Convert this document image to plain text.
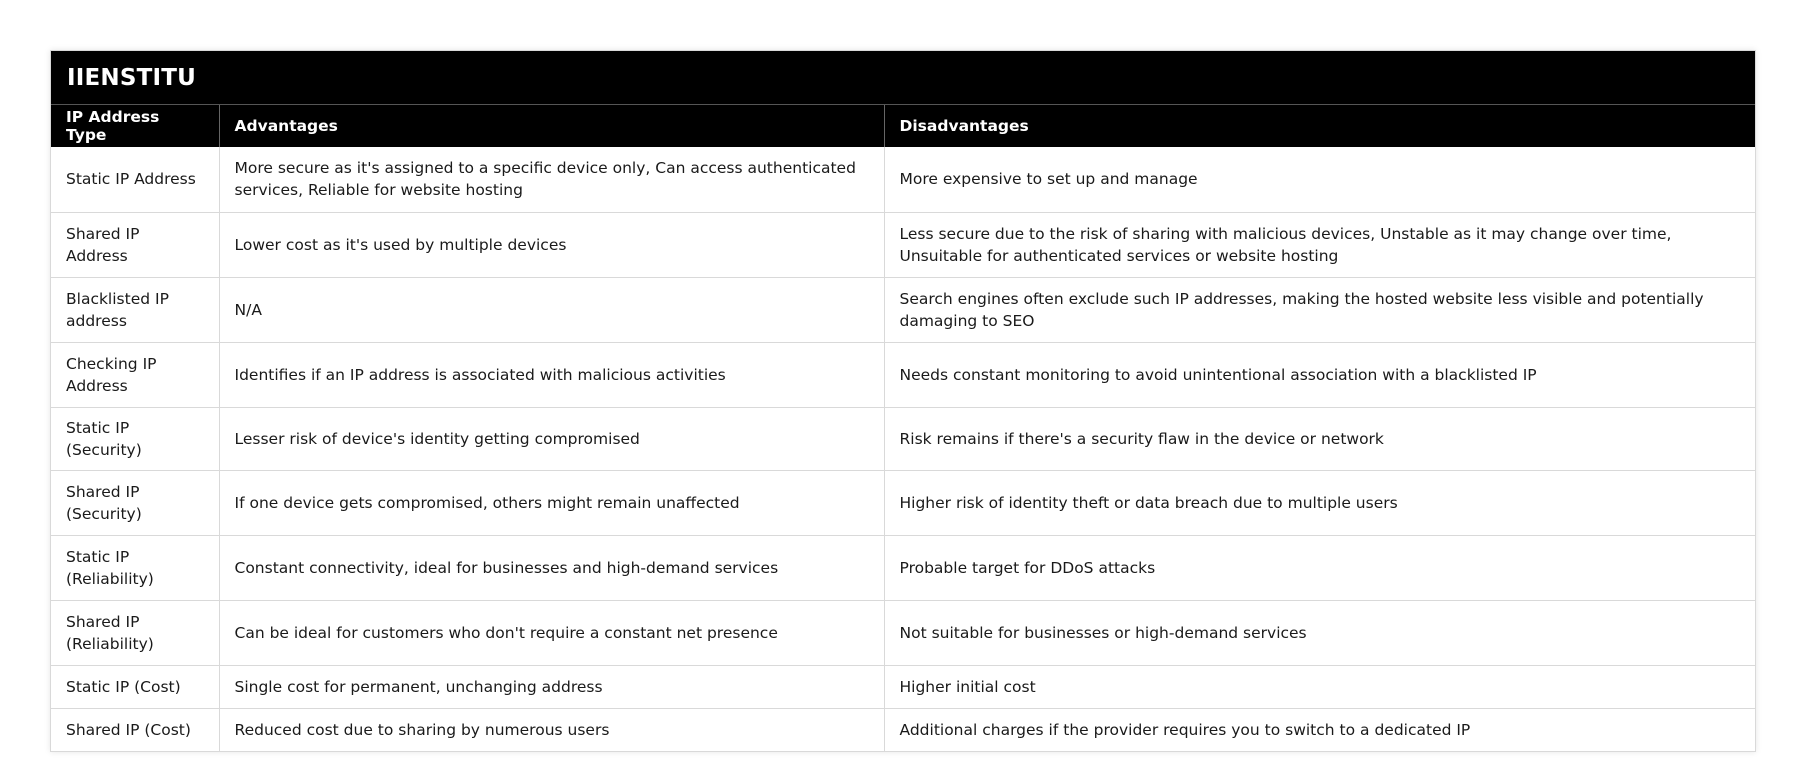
IIENSTITU
IP Address Type	Advantages	Disadvantages
Static IP Address	More secure as it's assigned to a specific device only, Can access authenticated services, Reliable for website hosting	More expensive to set up and manage
Shared IP Address	Lower cost as it's used by multiple devices	Less secure due to the risk of sharing with malicious devices, Unstable as it may change over time, Unsuitable for authenticated services or website hosting
Blacklisted IP address	N/A	Search engines often exclude such IP addresses, making the hosted website less visible and potentially damaging to SEO
Checking IP Address	Identifies if an IP address is associated with malicious activities	Needs constant monitoring to avoid unintentional association with a blacklisted IP
Static IP (Security)	Lesser risk of device's identity getting compromised	Risk remains if there's a security flaw in the device or network
Shared IP (Security)	If one device gets compromised, others might remain unaffected	Higher risk of identity theft or data breach due to multiple users
Static IP (Reliability)	Constant connectivity, ideal for businesses and high-demand services	Probable target for DDoS attacks
Shared IP (Reliability)	Can be ideal for customers who don't require a constant net presence	Not suitable for businesses or high-demand services
Static IP (Cost)	Single cost for permanent, unchanging address	Higher initial cost
Shared IP (Cost)	Reduced cost due to sharing by numerous users	Additional charges if the provider requires you to switch to a dedicated IP
